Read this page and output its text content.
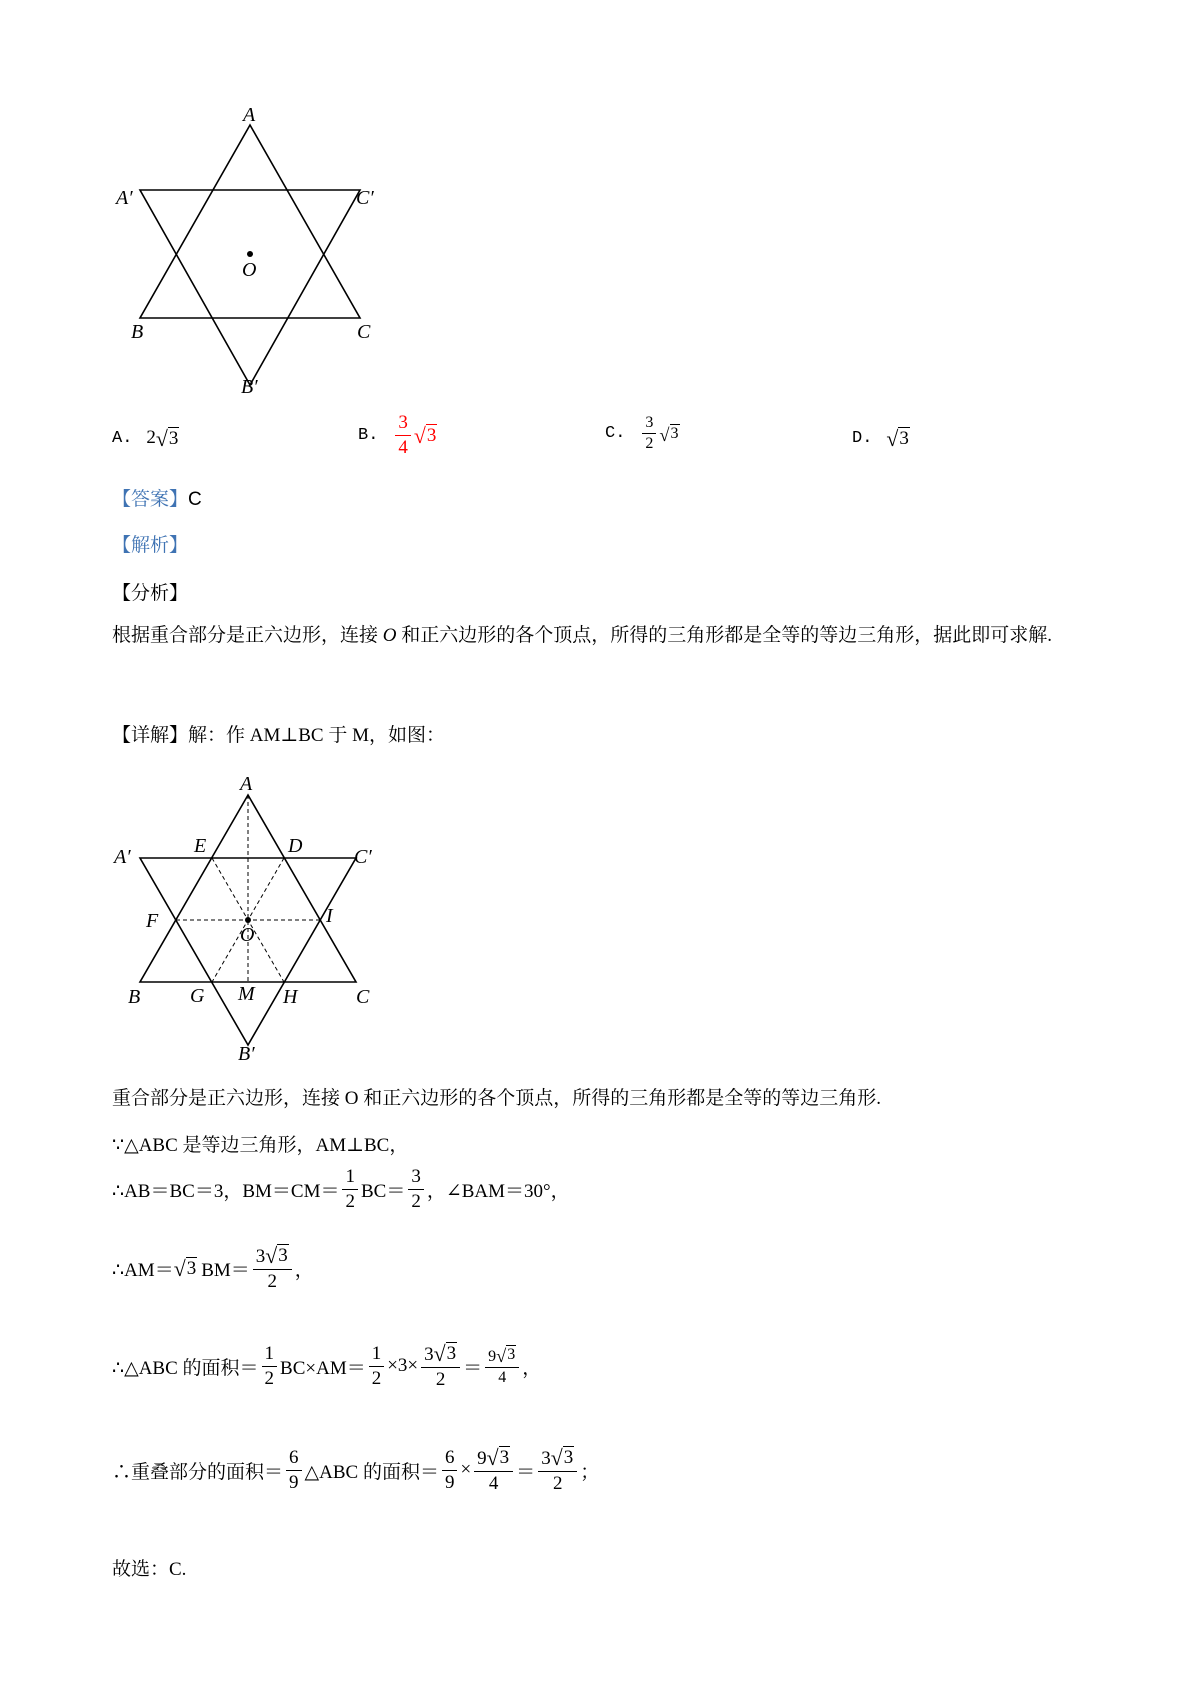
A
A′	C′
O
B	C
B′
A. 2 √ 3	B. $\frac{3}{4}$ √ 3	C. $\frac{3}{2}$ √ 3	D. √ 3
【答案】C
【解析】
【分析】
根据重合部分是正六边形，连接 O 和正六边形的各个顶点，所得的三角形都是全等的等边三角形，据此即可求解.
【详解】解：作 AM⊥BC 于 M，如图：
A
A′	C′
E	D
F	I
O
B G M H	C
B′
重合部分是正六边形，连接 O 和正六边形的各个顶点，所得的三角形都是全等的等边三角形.
∵△ABC 是等边三角形，AM⊥BC，
∴AB＝BC＝3，$BM=CM= \frac{1}{2} BC= \frac{3}{2}$ ，∠BAM＝30°，
∴AM＝ √ 3 $BM= \frac{3 √ 3}{2}$ ，
∴△ABC 的面积＝ $\frac{1}{2} BC\times AM= \frac{1}{2} \times 3\times \frac{3 √ 3}{2} = \frac{9 √ 3}{4}$ ，
∴重叠部分的面积＝ $\frac{6}{9}$ △ABC 的面积＝ $\frac{6}{9} \times \frac{9 √ 3}{4} = \frac{3 √ 3}{2}$ ；
故选：C.
